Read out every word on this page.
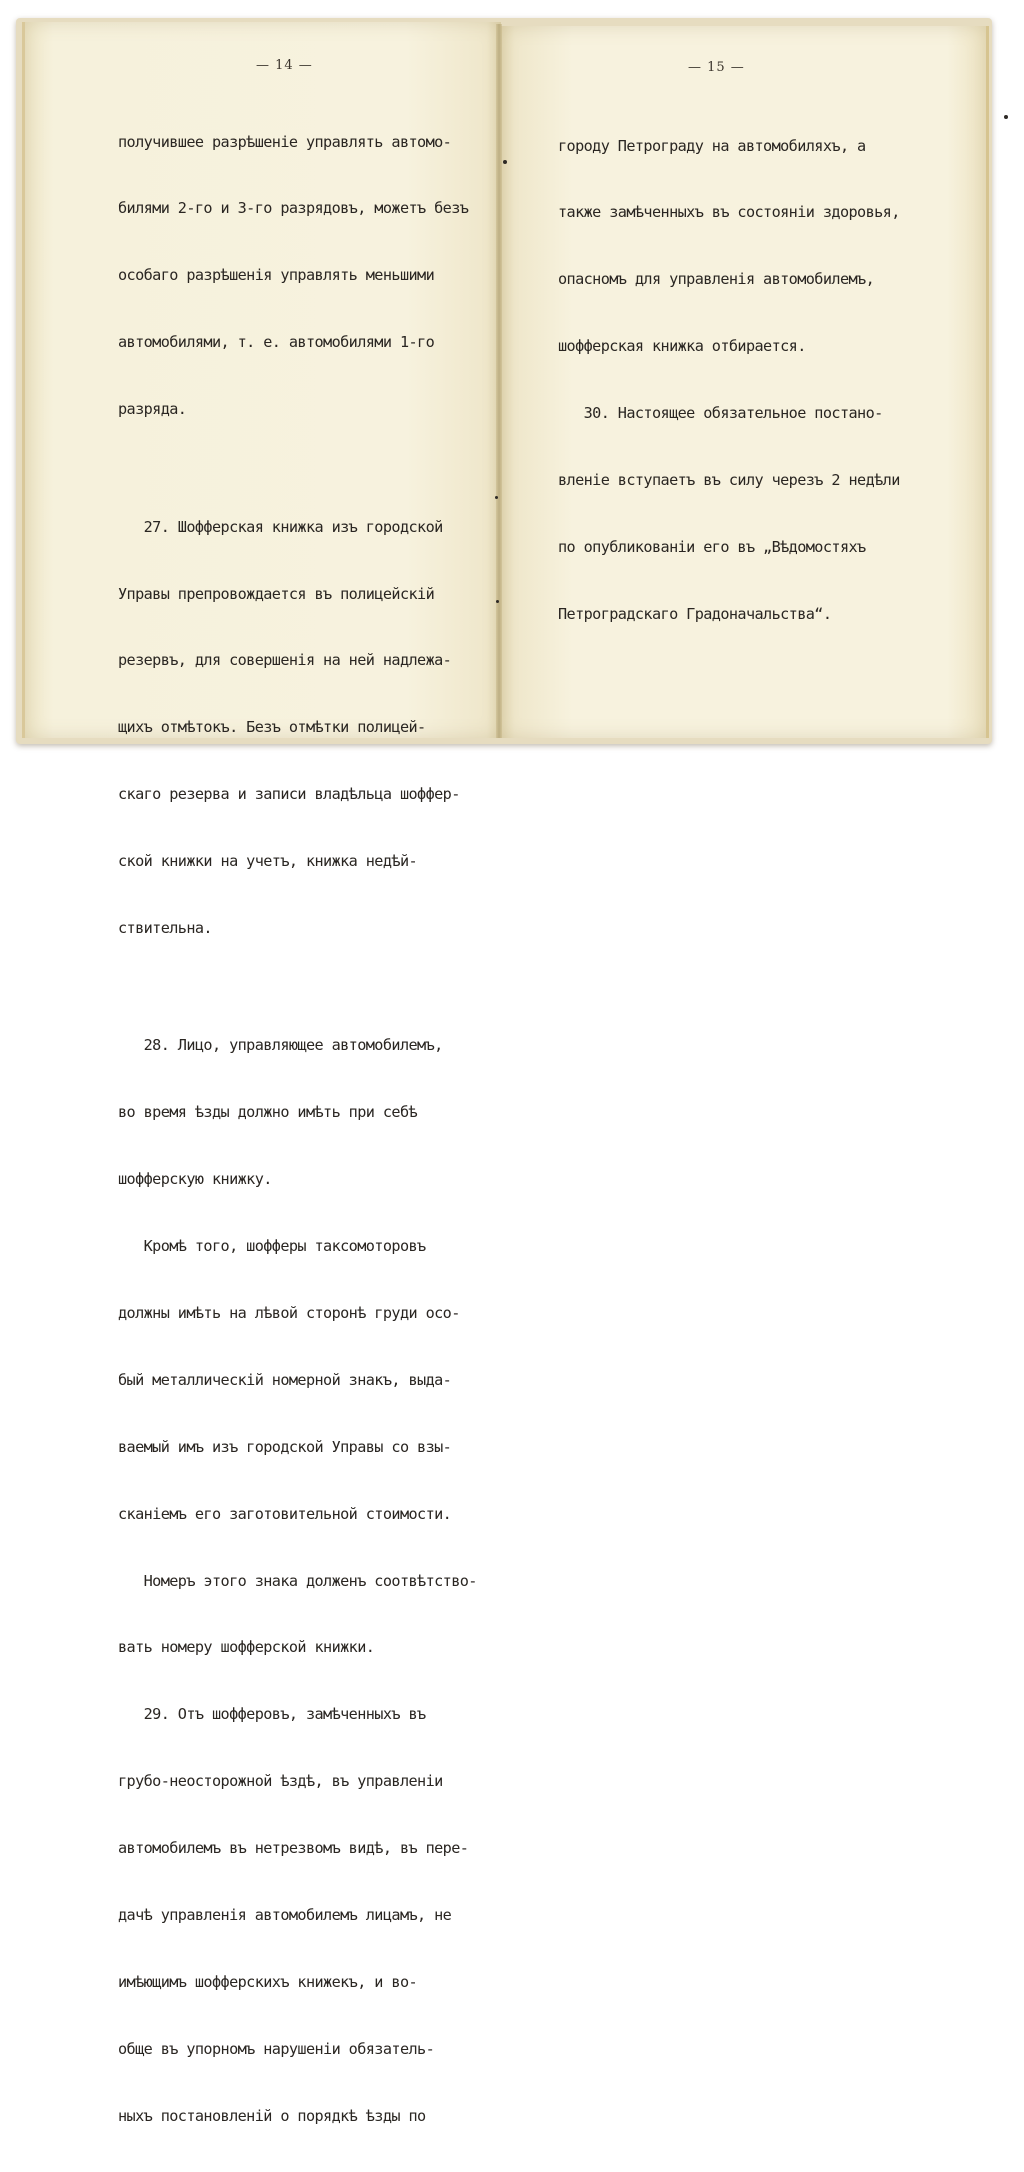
— 14 —	— 15 —

получившее разрѣшеніе управлять автомо-

билями 2-го и 3-го разрядовъ, можетъ безъ

особаго разрѣшенія управлять меньшими

автомобилями, т. е. автомобилями 1-го

разряда.

27. Шофферская книжка изъ городской

Управы препровождается въ полицейскій

резервъ, для совершенія на ней надлежа-

щихъ отмѣтокъ. Безъ отмѣтки полицей-

скаго резерва и записи владѣльца шоффер-

ской книжки на учетъ, книжка недѣй-

ствительна.

28. Лицо, управляющее автомобилемъ,

во время ѣзды должно имѣть при себѣ

шофферскую книжку.

Кромѣ того, шофферы таксомоторовъ

должны имѣть на лѣвой сторонѣ груди осо-

бый металлическій номерной знакъ, выда-

ваемый имъ изъ городской Управы со взы-

сканіемъ его заготовительной стоимости.

Номеръ этого знака долженъ соотвѣтство-

вать номеру шофферской книжки.

29. Отъ шофферовъ, замѣченныхъ въ

грубо-неосторожной ѣздѣ, въ управленіи

автомобилемъ въ нетрезвомъ видѣ, въ пере-

дачѣ управленія автомобилемъ лицамъ, не

имѣющимъ шофферскихъ книжекъ, и во-

обще въ упорномъ нарушеніи обязатель-

ныхъ постановленій о порядкѣ ѣзды по

городу Петрограду на автомобиляхъ, а

также замѣченныхъ въ состояніи здоровья,

опасномъ для управленія автомобилемъ,

шофферская книжка отбирается.

30. Настоящее обязательное постано-

вленіе вступаетъ въ силу черезъ 2 недѣли

по опубликованіи его въ „Вѣдомостяхъ

Петроградскаго Градоначальства“.
